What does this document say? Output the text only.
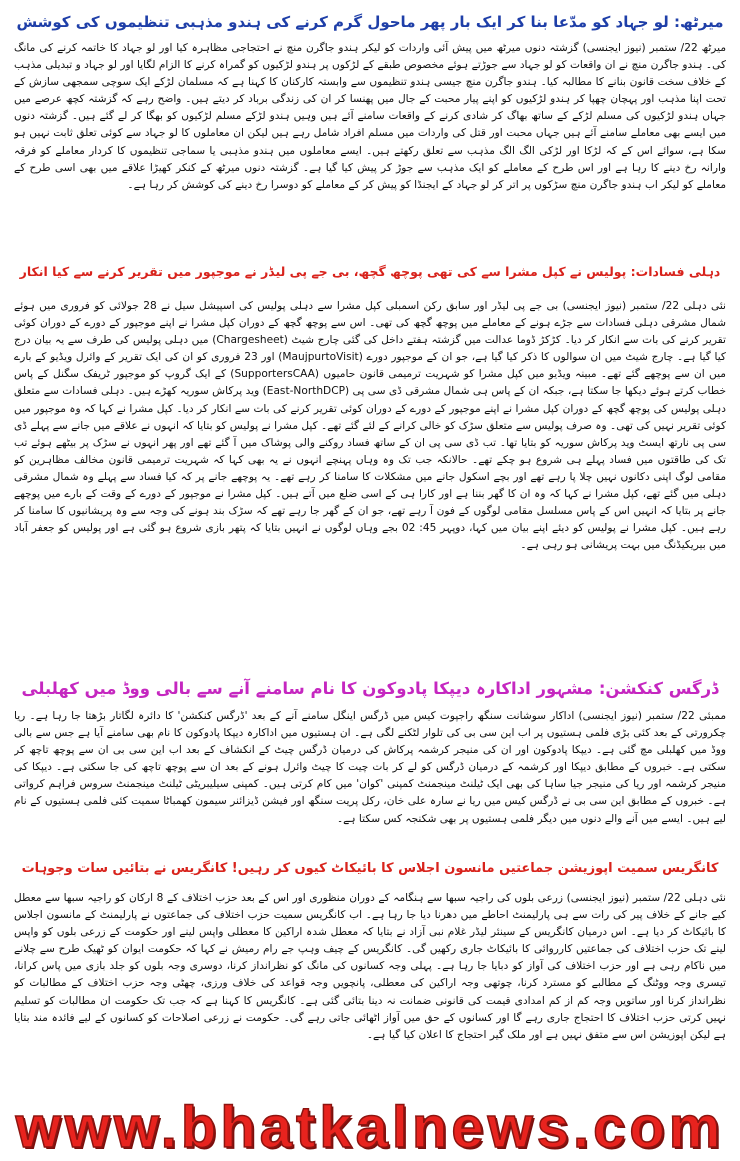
میرٹھ: لو جہاد کو مدّعا بنا کر ایک بار پھر ماحول گرم کرنے کی ہندو مذہبی تنظیموں کی کوشش

میرٹھ 22/ ستمبر (نیوز ایجنسی) گزشتہ دنوں میرٹھ میں پیش آئی واردات کو لیکر ہندو جاگرن منچ نے احتجاجی مظاہرہ کیا اور لو جہاد کا خاتمہ کرنے کی مانگ کی۔ ہندو جاگرن منچ نے ان واقعات کو لو جہاد سے جوڑتے ہوئے مخصوص طبقے کے لڑکوں پر ہندو لڑکیوں کو گمراہ کرنے کا الزام لگایا اور لو جہاد و تبدیلی مذہب کے خلاف سخت قانون بنانے کا مطالبہ کیا۔ ہندو جاگرن منچ جیسی ہندو تنظیموں سے وابستہ کارکنان کا کہنا ہے کہ مسلمان لڑکے ایک سوچی سمجھی سازش کے تحت اپنا مذہب اور پہچان چھپا کر ہندو لڑکیوں کو اپنے پیار محبت کے جال میں پھنسا کر ان کی زندگی برباد کر دیتے ہیں۔ واضح رہے کہ گزشتہ کچھ عرصے میں جہاں ہندو لڑکیوں کی مسلم لڑکے کے ساتھ بھاگ کر شادی کرنے کے واقعات سامنے آئے ہیں وہیں ہندو لڑکے مسلم لڑکیوں کو بھگا کر لے گئے ہیں۔ گزشتہ دنوں میں ایسے بھی معاملے سامنے آئے ہیں جہاں محبت اور قتل کی واردات میں مسلم افراد شامل رہے ہیں لیکن ان معاملوں کا لو جہاد سے کوئی تعلق ثابت نہیں ہو سکا ہے، سوائے اس کے کہ لڑکا اور لڑکی الگ الگ مذہب سے تعلق رکھتے ہیں۔ ایسے معاملوں میں ہندو مذہبی یا سماجی تنظیموں کا کردار معاملے کو فرقہ وارانہ رخ دینے کا رہا ہے اور اس طرح کے معاملے کو ایک مذہب سے جوڑ کر پیش کیا گیا ہے۔ گزشتہ دنوں میرٹھ کے کنکر کھیڑا علاقے میں بھی اسی طرح کے معاملے کو لیکر اب ہندو جاگرن منچ سڑکوں پر اتر کر لو جہاد کے ایجنڈا کو پیش کر کے معاملے کو دوسرا رخ دینے کی کوشش کر رہا ہے۔

دہلی فسادات: پولیس نے کپل مشرا سے کی تھی پوچھ گچھ، بی جے پی لیڈر نے موجپور میں تقریر کرنے سے کیا انکار

نئی دہلی 22/ ستمبر (نیوز ایجنسی) بی جے پی لیڈر اور سابق رکن اسمبلی کپل مشرا سے دہلی پولیس کی اسپیشل سیل نے 28 جولائی کو فروری میں ہوئے شمال مشرقی دہلی فسادات سے جڑے ہونے کے معاملے میں پوچھ گچھ کی تھی۔ اس سے پوچھ گچھ کے دوران کپل مشرا نے اپنے موجپور کے دورے کے دوران کوئی تقریر کرنے کی بات سے انکار کر دیا۔ کڑکڑ ڈوما عدالت میں گزشتہ ہفتے داخل کی گئی چارج شیٹ (Chargesheet) میں دہلی پولیس کی طرف سے یہ بیان درج کیا گیا ہے۔ چارج شیٹ میں ان سوالوں کا ذکر کیا گیا ہے، جو ان کے موجپور دورے (MaujpurtoVisit) اور 23 فروری کو ان کی ایک تقریر کے وائرل ویڈیو کے بارے میں ان سے پوچھے گئے تھے۔ مبینہ ویڈیو میں کپل مشرا کو شہریت ترمیمی قانون حامیوں (SupportersCAA) کے ایک گروپ کو موجپور ٹریفک سگنل کے پاس خطاب کرتے ہوئے دیکھا جا سکتا ہے، جبکہ ان کے پاس ہی شمال مشرقی ڈی سی پی (East-NorthDCP) وید پرکاش سوریہ کھڑے ہیں۔ دہلی فسادات سے متعلق دہلی پولیس کی پوچھ گچھ کے دوران کپل مشرا نے اپنے موجپور کے دورے کے دوران کوئی تقریر کرنے کی بات سے انکار کر دیا۔ کپل مشرا نے کہا کہ وہ موجپور میں کوئی تقریر نہیں کی تھی۔ وہ صرف پولیس سے متعلق سڑک کو خالی کرانے کے لئے گئے تھے۔ کپل مشرا نے پولیس کو بتایا کہ انہوں نے علاقے میں جانے سے پہلے ڈی سی پی نارتھ ایسٹ وید پرکاش سوریہ کو بتایا تھا۔ تب ڈی سی پی ان کے ساتھ فساد روکنے والی پوشاک میں آ گئے تھے اور پھر انہوں نے سڑک پر بیٹھے ہوئے تب تک کی طاقتوں میں فساد پہلے ہی شروع ہو چکے تھے۔ حالانکہ جب تک وہ وہاں پہنچے انہوں نے یہ بھی کہا کہ شہریت ترمیمی قانون مخالف مظاہرین کو مقامی لوگ اپنی دکانوں نہیں چلا پا رہے تھے اور بچے اسکول جانے میں مشکلات کا سامنا کر رہے تھے۔ یہ پوچھے جانے پر کہ کیا فساد سے پہلے وہ شمال مشرقی دہلی میں گئے تھے، کپل مشرا نے کہا کہ وہ ان کا گھر بننا ہے اور کارا ہی کے اسی ضلع میں آتے ہیں۔ کپل مشرا نے موجپور کے دورے کے وقت کے بارے میں پوچھے جانے پر بتایا کہ انہیں اس کے پاس مسلسل مقامی لوگوں کے فون آ رہے تھے، جو ان کے گھر جا رہے تھے کہ سڑک بند ہونے کی وجہ سے وہ پریشانیوں کا سامنا کر رہے ہیں۔ کپل مشرا نے پولیس کو دیئے اپنے بیان میں کہا، دوپہر 45: 02 بجے وہاں لوگوں نے انہیں بتایا کہ پتھر بازی شروع ہو گئی ہے اور پولیس کو جعفر آباد میں بیریکیڈنگ میں بہت پریشانی ہو رہی ہے۔

ڈرگس کنکشن: مشہور اداکارہ دیپکا پادوکون کا نام سامنے آنے سے بالی ووڈ میں کھلبلی

ممبئی 22/ ستمبر (نیوز ایجنسی) اداکار سوشانت سنگھ راجپوت کیس میں ڈرگس اینگل سامنے آنے کے بعد 'ڈرگس کنکشن' کا دائرہ لگاتار بڑھتا جا رہا ہے۔ ریا چکرورتی کے بعد کئی بڑی فلمی ہستیوں پر اب این سی بی کی تلوار لٹکنے لگی ہے۔ ان ہستیوں میں اداکارہ دیپکا پادوکون کا نام بھی سامنے آیا ہے جس سے بالی ووڈ میں کھلبلی مچ گئی ہے۔ دیپکا پادوکون اور ان کی منیجر کرشمہ پرکاش کی درمیان ڈرگس چیٹ کے انکشاف کے بعد اب این سی بی ان سے پوچھ تاچھ کر سکتی ہے۔ خبروں کے مطابق دیپکا اور کرشمہ کے درمیان ڈرگس کو لے کر بات چیت کا چیٹ وائرل ہونے کے بعد ان سے پوچھ تاچھ کی جا سکتی ہے۔ دیپکا کی منیجر کرشمہ اور ریا کی منیجر جیا ساہا کی بھی ایک ٹیلنٹ مینجمنٹ کمپنی 'کوان' میں کام کرتی ہیں۔ کمپنی سیلیبریٹی ٹیلنٹ مینجمنٹ سروس فراہم کرواتی ہے۔ خبروں کے مطابق این سی بی نے ڈرگس کیس میں ریا نے سارہ علی خان، رکل پریت سنگھ اور فیشن ڈیزائنر سیمون کھمباٹا سمیت کئی فلمی ہستیوں کے نام لیے ہیں۔ ایسے میں آنے والے دنوں میں دیگر فلمی ہستیوں پر بھی شکنجہ کس سکتا ہے۔

کانگریس سمیت اپوزیشن جماعتیں مانسون اجلاس کا بائیکاٹ کیوں کر رہیں! کانگریس نے بتائیں سات وجوہات

نئی دہلی 22/ ستمبر (نیوز ایجنسی) زرعی بلوں کی راجیہ سبھا سے ہنگامہ کے دوران منظوری اور اس کے بعد حزب اختلاف کے 8 ارکان کو راجیہ سبھا سے معطل کیے جانے کے خلاف پیر کی رات سے ہی پارلیمنٹ احاطے میں دھرنا دیا جا رہا ہے۔ اب کانگریس سمیت حزب اختلاف کی جماعتوں نے پارلیمنٹ کے مانسون اجلاس کا بائیکاٹ کر دیا ہے۔ اس درمیان کانگریس کے سینئر لیڈر غلام نبی آزاد نے بتایا کہ معطل شدہ اراکین کا معطلی واپس لینے اور حکومت کے زرعی بلوں کو واپس لینے تک حزب اختلاف کی جماعتیں کارروائی کا بائیکاٹ جاری رکھیں گی۔ کانگریس کے چیف وہپ جے رام رمیش نے کہا کہ حکومت ایوان کو ٹھیک طرح سے چلانے میں ناکام رہی ہے اور حزب اختلاف کی آواز کو دبایا جا رہا ہے۔ پہلی وجہ کسانوں کی مانگ کو نظرانداز کرنا، دوسری وجہ بلوں کو جلد بازی میں پاس کرانا، تیسری وجہ ووٹنگ کے مطالبے کو مسترد کرنا، چوتھی وجہ اراکین کی معطلی، پانچویں وجہ قواعد کی خلاف ورزی، چھٹی وجہ حزب اختلاف کے مطالبات کو نظرانداز کرنا اور ساتویں وجہ کم از کم امدادی قیمت کی قانونی ضمانت نہ دینا بتائی گئی ہے۔ کانگریس کا کہنا ہے کہ جب تک حکومت ان مطالبات کو تسلیم نہیں کرتی حزب اختلاف کا احتجاج جاری رہے گا اور کسانوں کے حق میں آواز اٹھائی جاتی رہے گی۔ حکومت نے زرعی اصلاحات کو کسانوں کے لیے فائدہ مند بتایا ہے لیکن اپوزیشن اس سے متفق نہیں ہے اور ملک گیر احتجاج کا اعلان کیا گیا ہے۔

www.bhatkalnews.com
